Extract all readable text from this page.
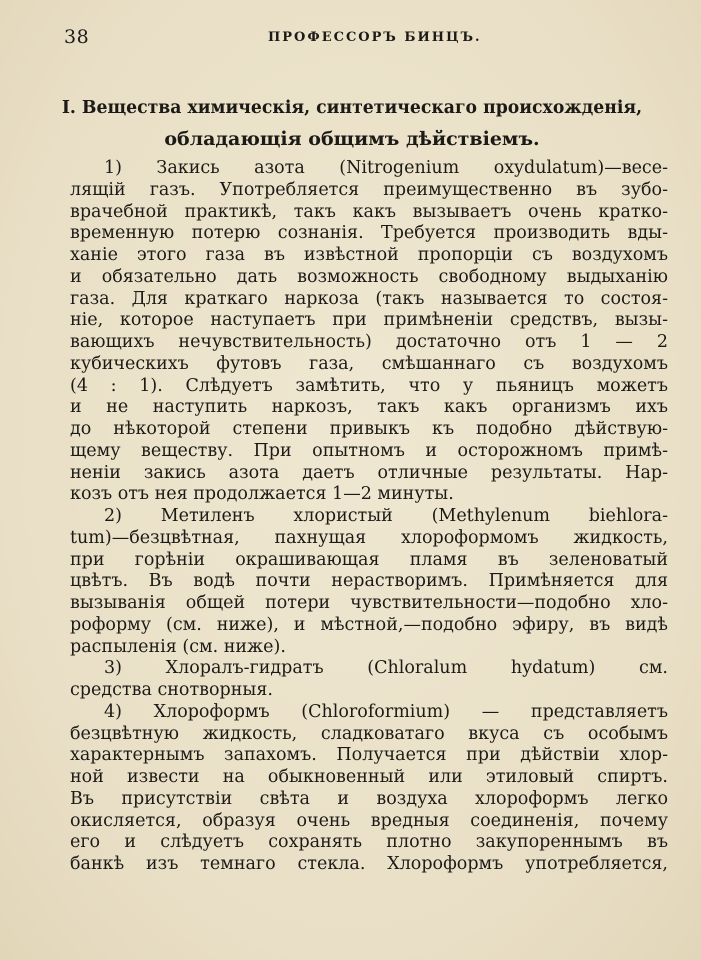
38	ПРОФЕССОРЪ БИНЦЪ.
I. Вещества химическія, синтетическаго происхожденія,
обладающія общимъ дѣйствіемъ.
1) Закись азота (Nitrogenium oxydulatum)—весе-
лящій газъ. Употребляется преимущественно въ зубо-
врачебной практикѣ, такъ какъ вызываетъ очень кратко-
временную потерю сознанія. Требуется производить вды-
ханіе этого газа въ извѣстной пропорціи съ воздухомъ
и обязательно дать возможность свободному выдыханію
газа. Для краткаго наркоза (такъ называется то состоя-
ніе, которое наступаетъ при примѣненіи средствъ, вызы-
вающихъ нечувствительность) достаточно отъ 1 — 2
кубическихъ футовъ газа, смѣшаннаго съ воздухомъ
(4 : 1). Слѣдуетъ замѣтить, что у пьяницъ можетъ
и не наступить наркозъ, такъ какъ организмъ ихъ
до нѣкоторой степени привыкъ къ подобно дѣйствую-
щему веществу. При опытномъ и осторожномъ примѣ-
неніи закись азота даетъ отличные результаты. Нар-
козъ отъ нея продолжается 1—2 минуты.
2) Метиленъ хлористый (Methylenum biehlora-
tum)—безцвѣтная, пахнущая хлороформомъ жидкость,
при горѣніи окрашивающая пламя въ зеленоватый
цвѣтъ. Въ водѣ почти нерастворимъ. Примѣняется для
вызыванія общей потери чувствительности—подобно хло-
роформу (см. ниже), и мѣстной,—подобно эфиру, въ видѣ
распыленія (см. ниже).
3) Хлоралъ-гидратъ (Chloralum hydatum) см.
средства снотворныя.
4) Хлороформъ (Chloroformium) — представляетъ
безцвѣтную жидкость, сладковатаго вкуса съ особымъ
характернымъ запахомъ. Получается при дѣйствіи хлор-
ной извести на обыкновенный или этиловый спиртъ.
Въ присутствіи свѣта и воздуха хлороформъ легко
окисляется, образуя очень вредныя соединенія, почему
его и слѣдуетъ сохранять плотно закупореннымъ въ
банкѣ изъ темнаго стекла. Хлороформъ употребляется,
